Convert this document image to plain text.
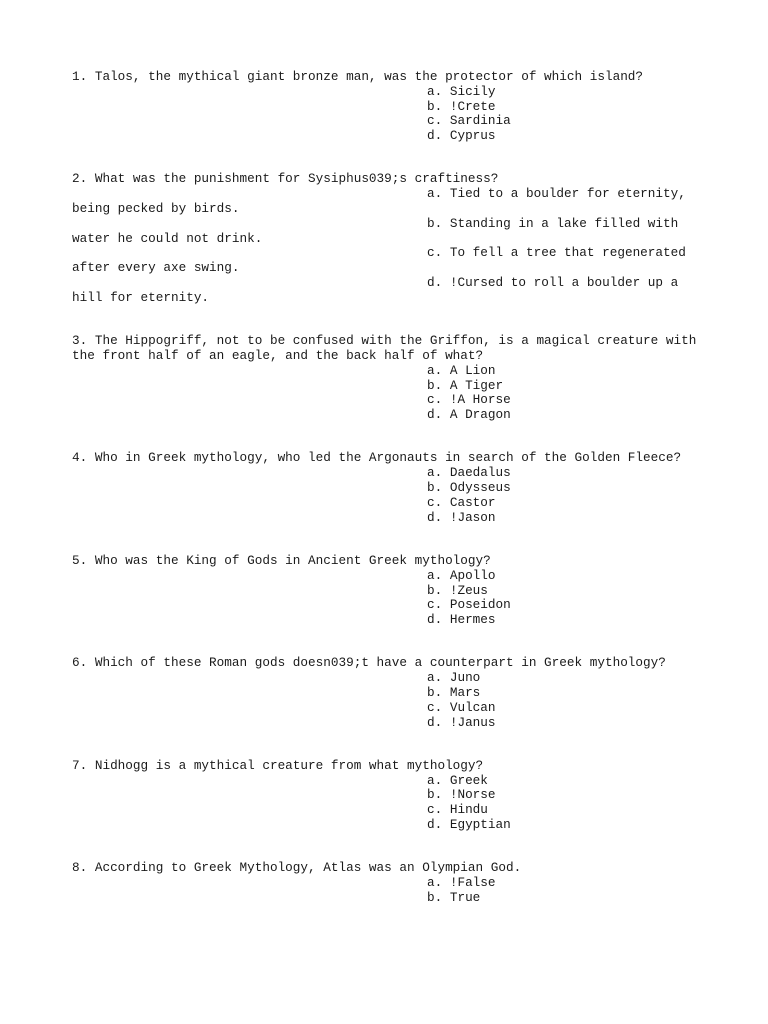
1. Talos, the mythical giant bronze man, was the protector of which island?
a. Sicily
b. !Crete
c. Sardinia
d. Cyprus
2. What was the punishment for Sysiphus039;s craftiness?
a. Tied to a boulder for eternity, being pecked by birds.
b. Standing in a lake filled with water he could not drink.
c. To fell a tree that regenerated after every axe swing.
d. !Cursed to roll a boulder up a hill for eternity.
3. The Hippogriff, not to be confused with the Griffon, is a magical creature with the front half of an eagle, and the back half of what?
a. A Lion
b. A Tiger
c. !A Horse
d. A Dragon
4. Who in Greek mythology, who led the Argonauts in search of the Golden Fleece?
a. Daedalus
b. Odysseus
c. Castor
d. !Jason
5. Who was the King of Gods in Ancient Greek mythology?
a. Apollo
b. !Zeus
c. Poseidon
d. Hermes
6. Which of these Roman gods doesn039;t have a counterpart in Greek mythology?
a. Juno
b. Mars
c. Vulcan
d. !Janus
7. Nidhogg is a mythical creature from what mythology?
a. Greek
b. !Norse
c. Hindu
d. Egyptian
8. According to Greek Mythology, Atlas was an Olympian God.
a. !False
b. True
